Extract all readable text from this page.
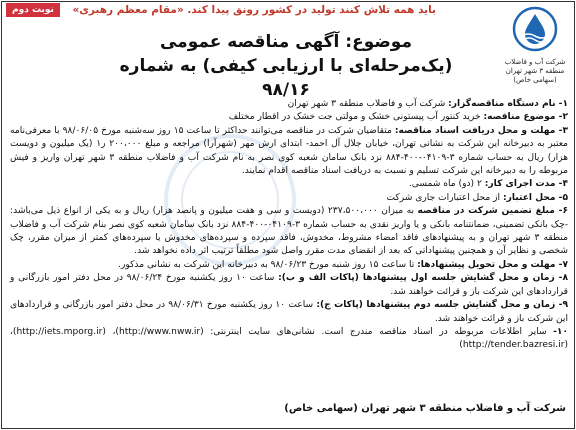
نوبت دوم	باید همه تلاش کنند تولید در کشور رونق پیدا کند. «مقام معظم رهبری»
شرکت آب و فاضلاب
منطقه ۳ شهر تهران
(سهامی خاص)
موضوع: آگهی مناقصه عمومی
(یک‌مرحله‌ای با ارزیابی کیفی) به شماره ۹۸/۱۶

۱- نام دستگاه مناقصه‌گزار: شرکت آب و فاضلاب منطقه ۳ شهر تهران

۲- موضوع مناقصه: خرید کنتور آب پیستونی خشک و مولتی جت خشک در اقطار مختلف

۳- مهلت و محل دریافت اسناد مناقصه: متقاضیان شرکت در مناقصه می‌توانند حداکثر تا ساعت ۱۵ روز سه‌شنبه مورخ ۹۸/۰۶/۰۵ با معرفی‌نامه معتبر به دبیرخانه این شرکت به نشانی تهران، خیابان جلال آل احمد- ابتدای ارش مهر (شهرآرا) مراجعه و مبلغ ۲۰۰،۰۰۰ ر۱ (یک میلیون و دویست هزار) ریال به حساب شماره ۳-۰۴۱۰۹-۴۰۰-۸۸۴ نزد بانک سامان شعبه کوی نصر به نام شرکت آب و فاضلاب منطقه ۳ شهر تهران واریز و فیش مربوطه را به دبیرخانه این شرکت تسلیم و نسبت به دریافت اسناد مناقصه اقدام نمایند.

۴- مدت اجرای کار: ۲ (دو) ماه شمسی.

۵- محل اعتبار: از محل اعتبارات جاری شرکت

۶- مبلغ تضمین شرکت در مناقصه به میزان ۲۳۷،۵۰۰،۰۰۰ (دویست و سی و هفت میلیون و پانصد هزار) ریال و به یکی از انواع ذیل می‌باشد: -چک بانکی تضمینی، ضمانتنامه بانکی و یا واریز نقدی به حساب شماره ۳-۰۴۱۰۹-۴۰۰-۸۸۴ نزد بانک سامان شعبه کوی نصر بنام شرکت آب و فاضلاب منطقه ۳ شهر تهران و به پیشنهادهای فاقد امضاء مشروط، مخدوش، فاقد سپرده و سپرده‌های مخدوش یا سپرده‌های کمتر از میزان مقرر، چک شخصی و نظایر آن و همچنین پیشنهاداتی که بعد از انقضای مدت مقرر واصل شود مطلقاً ترتیب اثر داده نخواهد شد.

۷- مهلت و محل تحویل پیشنهادها: تا ساعت ۱۵ روز شنبه مورخ ۹۸/۰۶/۲۳ به دبیرخانه این شرکت به نشانی مذکور.

۸- زمان و محل گشایش جلسه اول پیشنهادها (پاکات الف و ب): ساعت ۱۰ روز یکشنبه مورخ ۹۸/۰۶/۲۴ در محل دفتر امور بازرگانی و قراردادهای این شرکت باز و قرائت خواهند شد.

۹- زمان و محل گشایش جلسه دوم پیشنهادها (پاکات ج): ساعت ۱۰ روز یکشنبه مورخ ۹۸/۰۶/۳۱ در محل دفتر امور بازرگانی و قراردادهای این شرکت باز و قرائت خواهند شد.

۱۰- سایر اطلاعات مربوطه در اسناد مناقصه مندرج است. نشانی‌های سایت اینترنتی: (http://www.nww.ir)، (http://iets.mporg.ir)، (http://tender.bazresi.ir)

شرکت آب و فاضلاب منطقه ۳ شهر تهران (سهامی خاص)
